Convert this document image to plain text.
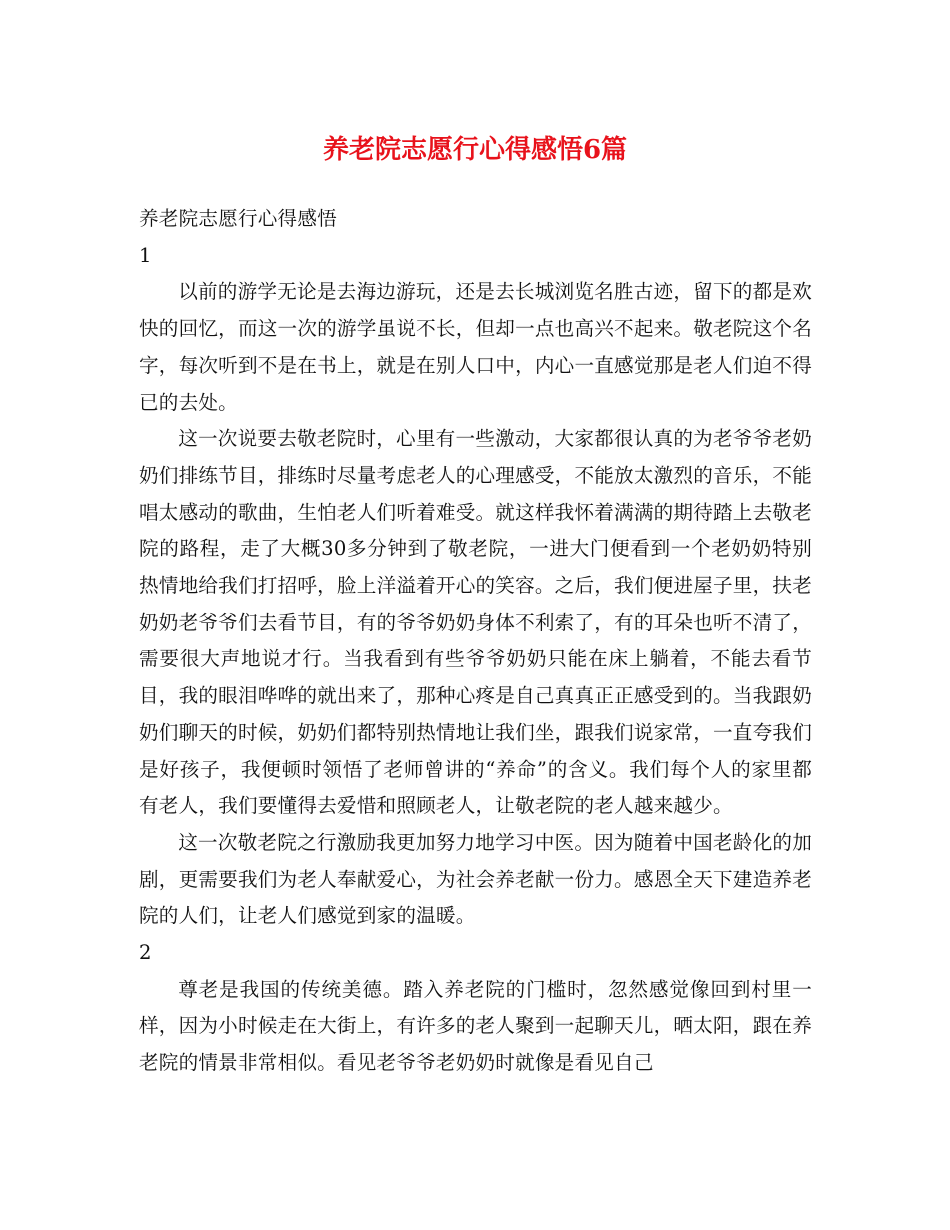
养老院志愿行心得感悟6篇

养老院志愿行心得感悟

1

以前的游学无论是去海边游玩，还是去长城浏览名胜古迹，留下的都是欢快的回忆，而这一次的游学虽说不长，但却一点也高兴不起来。敬老院这个名字，每次听到不是在书上，就是在别人口中，内心一直感觉那是老人们迫不得已的去处。

这一次说要去敬老院时，心里有一些激动，大家都很认真的为老爷爷老奶奶们排练节目，排练时尽量考虑老人的心理感受，不能放太激烈的音乐，不能唱太感动的歌曲，生怕老人们听着难受。就这样我怀着满满的期待踏上去敬老院的路程，走了大概30多分钟到了敬老院，一进大门便看到一个老奶奶特别热情地给我们打招呼，脸上洋溢着开心的笑容。之后，我们便进屋子里，扶老奶奶老爷爷们去看节目，有的爷爷奶奶身体不利索了，有的耳朵也听不清了，需要很大声地说才行。当我看到有些爷爷奶奶只能在床上躺着，不能去看节目，我的眼泪哗哗的就出来了，那种心疼是自己真真正正感受到的。当我跟奶奶们聊天的时候，奶奶们都特别热情地让我们坐，跟我们说家常，一直夸我们是好孩子，我便顿时领悟了老师曾讲的“养命”的含义。我们每个人的家里都有老人，我们要懂得去爱惜和照顾老人，让敬老院的老人越来越少。

这一次敬老院之行激励我更加努力地学习中医。因为随着中国老龄化的加剧，更需要我们为老人奉献爱心，为社会养老献一份力。感恩全天下建造养老院的人们，让老人们感觉到家的温暖。

2

尊老是我国的传统美德。踏入养老院的门槛时，忽然感觉像回到村里一样，因为小时候走在大街上，有许多的老人聚到一起聊天儿，晒太阳，跟在养老院的情景非常相似。看见老爷爷老奶奶时就像是看见自己
